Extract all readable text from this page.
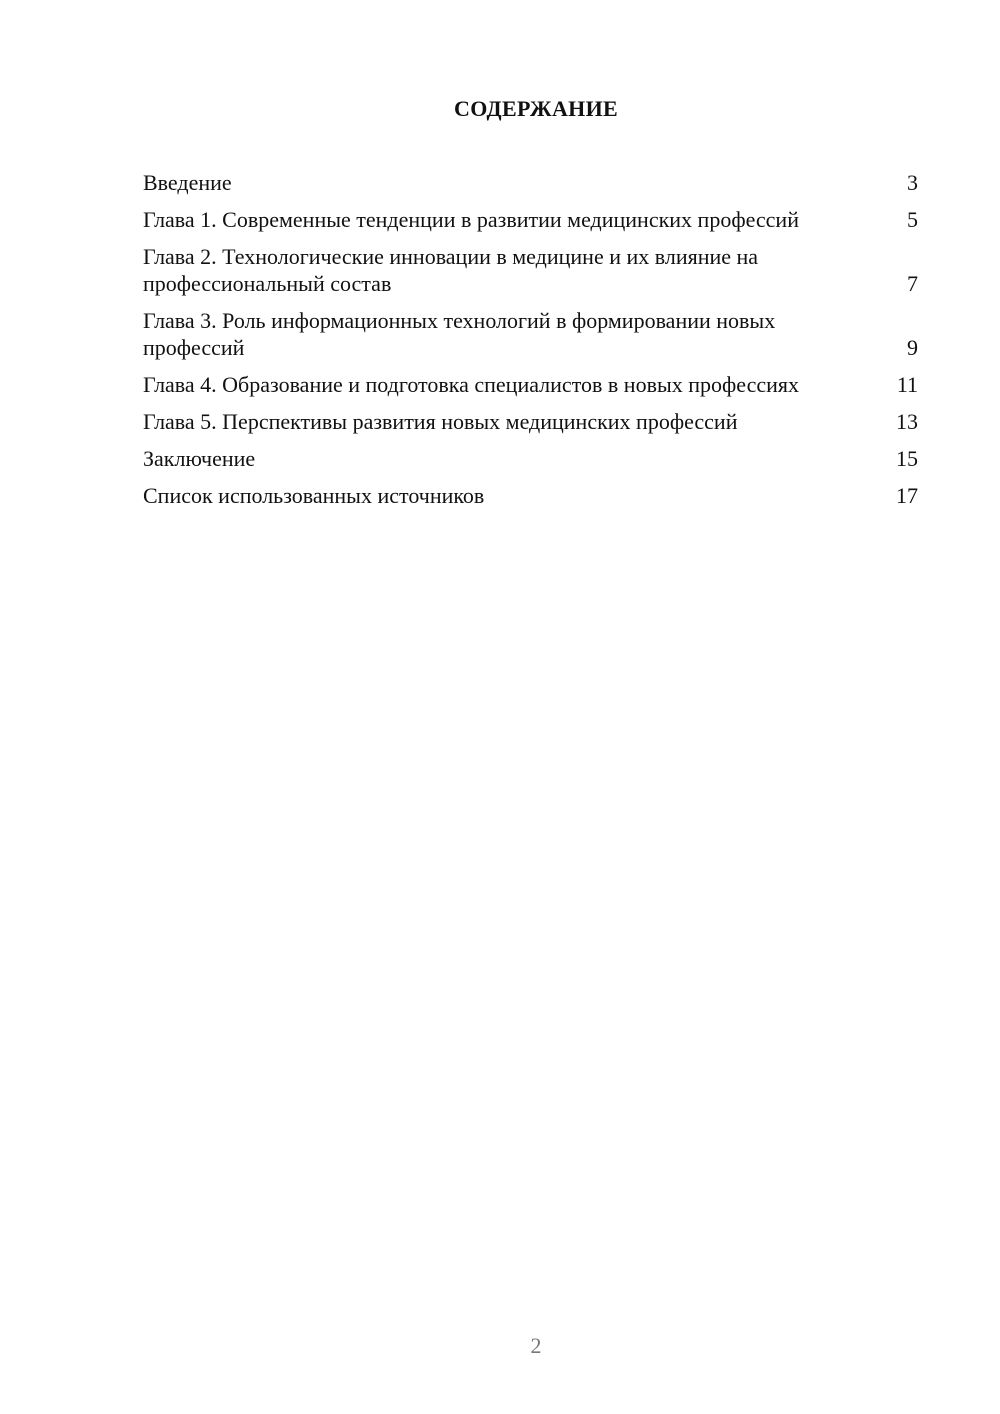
СОДЕРЖАНИЕ
Введение	3
Глава 1. Современные тенденции в развитии медицинских профессий	5
Глава 2. Технологические инновации в медицине и их влияние на профессиональный состав	7
Глава 3. Роль информационных технологий в формировании новых профессий	9
Глава 4. Образование и подготовка специалистов в новых профессиях	11
Глава 5. Перспективы развития новых медицинских профессий	13
Заключение	15
Список использованных источников	17
2
